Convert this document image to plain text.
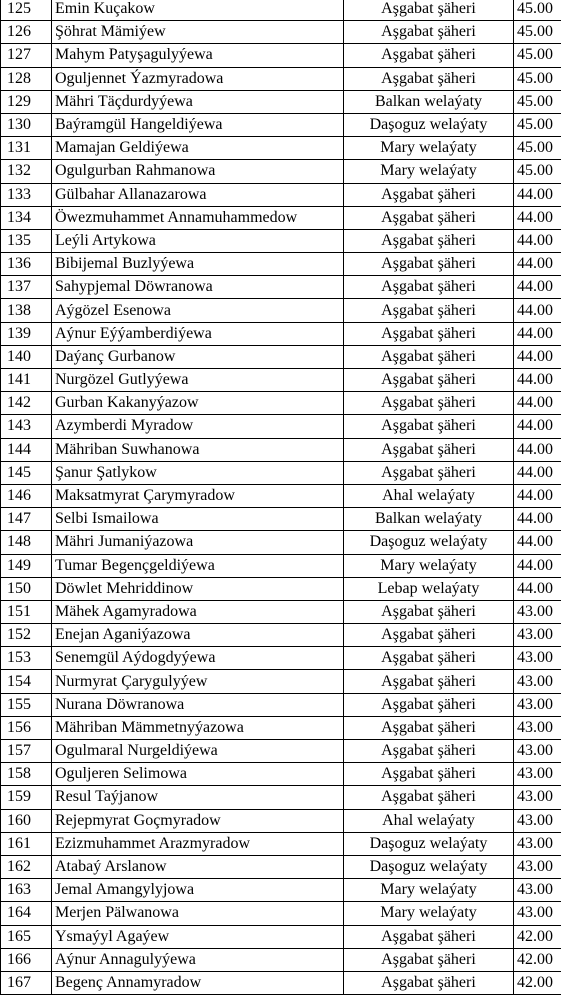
125	Emin Kuçakow	Aşgabat şäheri	45.00
126	Şöhrat Mämiýew	Aşgabat şäheri	45.00
127	Mahym Patyşagulyýewa	Aşgabat şäheri	45.00
128	Oguljennet Ýazmyradowa	Aşgabat şäheri	45.00
129	Mähri Täçdurdyýewa	Balkan welaýaty	45.00
130	Baýramgül Hangeldiýewa	Daşoguz welaýaty	45.00
131	Mamajan Geldiýewa	Mary welaýaty	45.00
132	Ogulgurban Rahmanowa	Mary welaýaty	45.00
133	Gülbahar Allanazarowa	Aşgabat şäheri	44.00
134	Öwezmuhammet Annamuhammedow	Aşgabat şäheri	44.00
135	Leýli Artykowa	Aşgabat şäheri	44.00
136	Bibijemal Buzlyýewa	Aşgabat şäheri	44.00
137	Sahypjemal Döwranowa	Aşgabat şäheri	44.00
138	Aýgözel Esenowa	Aşgabat şäheri	44.00
139	Aýnur Eýýamberdiýewa	Aşgabat şäheri	44.00
140	Daýanç Gurbanow	Aşgabat şäheri	44.00
141	Nurgözel Gutlyýewa	Aşgabat şäheri	44.00
142	Gurban Kakanyýazow	Aşgabat şäheri	44.00
143	Azymberdi Myradow	Aşgabat şäheri	44.00
144	Mähriban Suwhanowa	Aşgabat şäheri	44.00
145	Şanur Şatlykow	Aşgabat şäheri	44.00
146	Maksatmyrat Çarymyradow	Ahal welaýaty	44.00
147	Selbi Ismailowa	Balkan welaýaty	44.00
148	Mähri Jumaniýazowa	Daşoguz welaýaty	44.00
149	Tumar Begençgeldiýewa	Mary welaýaty	44.00
150	Döwlet Mehriddinow	Lebap welaýaty	44.00
151	Mähek Agamyradowa	Aşgabat şäheri	43.00
152	Enejan Aganiýazowa	Aşgabat şäheri	43.00
153	Senemgül Aýdogdyýewa	Aşgabat şäheri	43.00
154	Nurmyrat Çarygulyýew	Aşgabat şäheri	43.00
155	Nurana Döwranowa	Aşgabat şäheri	43.00
156	Mähriban Mämmetnyýazowa	Aşgabat şäheri	43.00
157	Ogulmaral Nurgeldiýewa	Aşgabat şäheri	43.00
158	Oguljeren Selimowa	Aşgabat şäheri	43.00
159	Resul Taýjanow	Aşgabat şäheri	43.00
160	Rejepmyrat Goçmyradow	Ahal welaýaty	43.00
161	Ezizmuhammet Arazmyradow	Daşoguz welaýaty	43.00
162	Atabaý Arslanow	Daşoguz welaýaty	43.00
163	Jemal Amangylyjowa	Mary welaýaty	43.00
164	Merjen Pälwanowa	Mary welaýaty	43.00
165	Ysmaýyl Agaýew	Aşgabat şäheri	42.00
166	Aýnur Annagulyýewa	Aşgabat şäheri	42.00
167	Begenç Annamyradow	Aşgabat şäheri	42.00
